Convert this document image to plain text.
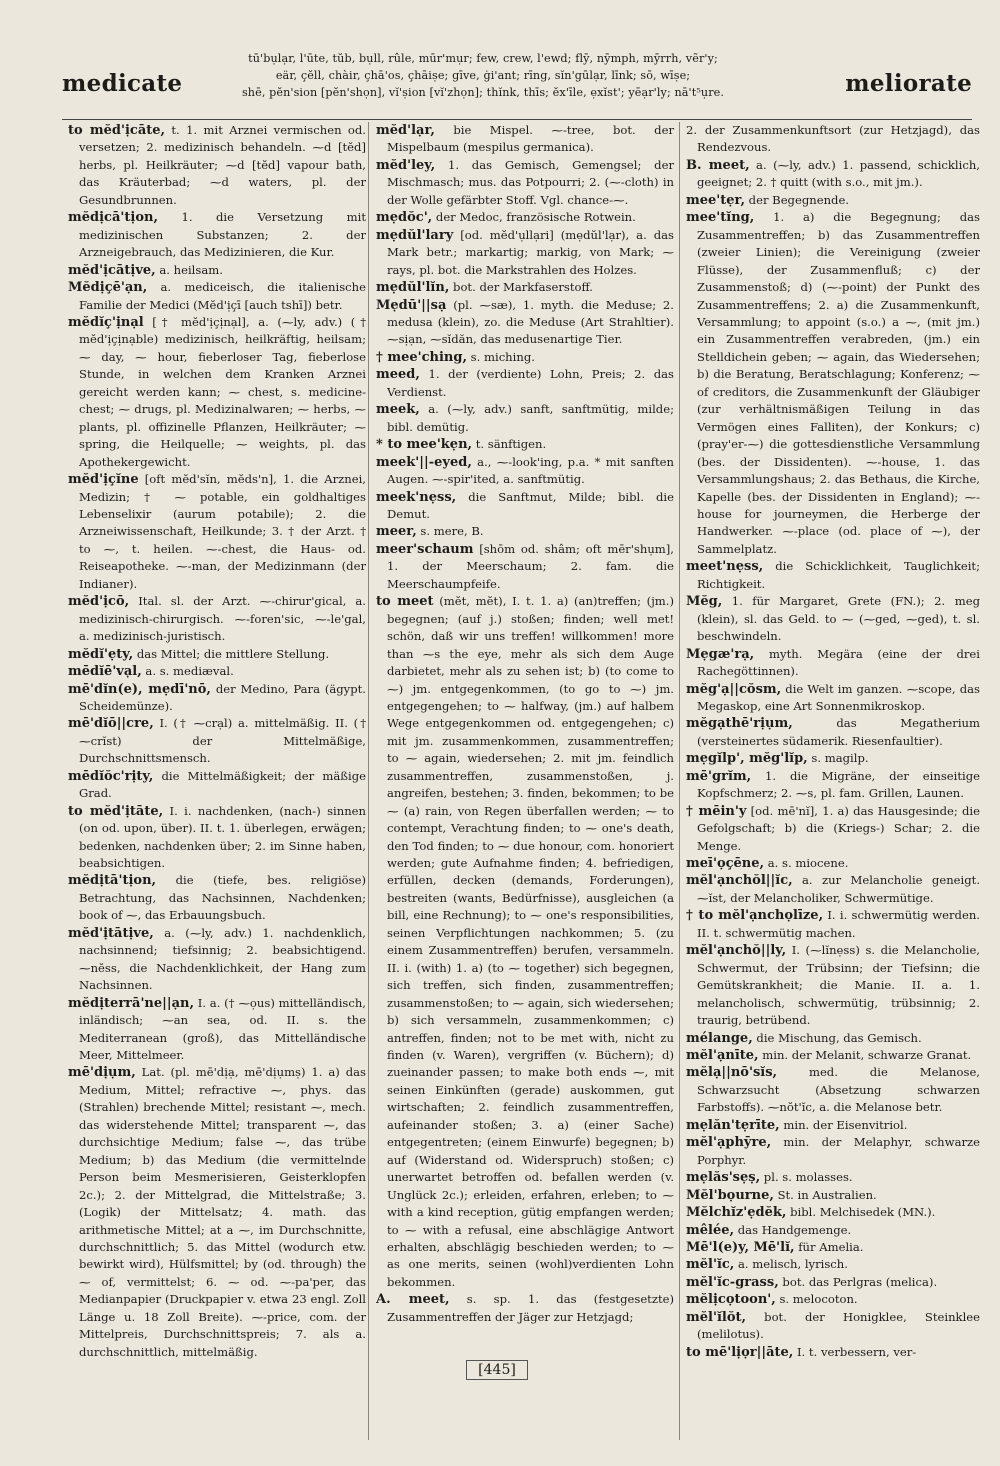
medicate
tū'bụlạr, l'ūte, tŭb, bụll, rûle, mūr'mụr; few, crew, l'ewd; flȳ, nȳmph, mȳrrh, vẽr'y;
eär, çĕll, chàir, çhā'os, çhāiṣe; gīve, ġi'ant; rīng, sĭn'gūlạr, līnk; sō, wīṣe;
shē, pĕn'sion [pĕn'shọn], vĭ'ṣion [vĭ'zhọn]; thĭnk, thīs; ĕx'īle, ẹxĭst'; yēạr'ly; nā't⁵ụre.	meliorate

to mĕd'ịcāte, t. 1. mit Arznei vermischen od. versetzen; 2. medizinisch behandeln. ⁓d [tĕd] herbs, pl. Heilkräuter; ⁓d [tĕd] vapour bath, das Kräuterbad; ⁓d waters, pl. der Gesundbrunnen.

mĕdịcā'tịon, 1. die Versetzung mit medizinischen Substanzen; 2. der Arzneigebrauch, das Medizinieren, die Kur.

mĕd'ịcātịve, a. heilsam.

Mĕdịçē'ạn, a. mediceisch, die italienische Familie der Medici (Mĕd'ịçī [auch tshī]) betr.

mĕdĭç'ịnạl [† mĕd'ịçịnạl], a. (⁓ly, adv.) († mĕd'ịçịnạble) medizinisch, heilkräftig, heilsam; ⁓ day, ⁓ hour, fieberloser Tag, fieberlose Stunde, in welchen dem Kranken Arznei gereicht werden kann; ⁓ chest, s. medicine-chest; ⁓ drugs, pl. Medizinalwaren; ⁓ herbs, ⁓ plants, pl. offizinelle Pflanzen, Heilkräuter; ⁓ spring, die Heilquelle; ⁓ weights, pl. das Apothekergewicht.

mĕd'ịçĭne [oft mĕd'sĭn, mĕds'n], 1. die Arznei, Medizin; † ⁓ potable, ein goldhaltiges Lebenselixir (aurum potabile); 2. die Arzneiwissenschaft, Heilkunde; 3. † der Arzt. † to ⁓, t. heilen. ⁓-chest, die Haus- od. Reiseapotheke. ⁓-man, der Medizinmann (der Indianer).

mĕd'ịcō, Ital. sl. der Arzt. ⁓-chirur'gical, a. medizinisch-chirurgisch. ⁓-foren'sic, ⁓-le'gal, a. medizinisch-juristisch.

mĕdĭ'ẹty, das Mittel; die mittlere Stellung.

mēdĭē'vạl, a. s. mediæval.

mē'dĭn(e), mẹdī'nō, der Medino, Para (ägypt. Scheidemünze).

mē'dĭō||cre, I. († ⁓crạl) a. mittelmäßig. II. († ⁓crĭst) der Mittelmäßige, Durchschnittsmensch.

mēdĭŏc'rịty, die Mittelmäßigkeit; der mäßige Grad.

to mĕd'ịtāte, I. i. nachdenken, (nach-) sinnen (on od. upon, über). II. t. 1. überlegen, erwägen; bedenken, nachdenken über; 2. im Sinne haben, beabsichtigen.

mĕdịtā'tịon, die (tiefe, bes. religiöse) Betrachtung, das Nachsinnen, Nachdenken; book of ⁓, das Erbauungsbuch.

mĕd'ịtātịve, a. (⁓ly, adv.) 1. nachdenklich, nachsinnend; tiefsinnig; 2. beabsichtigend. ⁓nĕss, die Nachdenklichkeit, der Hang zum Nachsinnen.

mĕdịterrā'ne||ạn, I. a. († ⁓ọus) mittelländisch, inländisch; ⁓an sea, od. II. s. the Mediterranean (groß), das Mittelländische Meer, Mittelmeer.

mē'dịụm, Lat. (pl. mē'dịạ, mē'dịụmṣ) 1. a) das Medium, Mittel; refractive ⁓, phys. das (Strahlen) brechende Mittel; resistant ⁓, mech. das widerstehende Mittel; transparent ⁓, das durchsichtige Medium; false ⁓, das trübe Medium; b) das Medium (die vermittelnde Person beim Mesmerisieren, Geisterklopfen 2c.); 2. der Mittelgrad, die Mittelstraße; 3. (Logik) der Mittelsatz; 4. math. das arithmetische Mittel; at a ⁓, im Durchschnitte, durchschnittlich; 5. das Mittel (wodurch etw. bewirkt wird), Hülfsmittel; by (od. through) the ⁓ of, vermittelst; 6. ⁓ od. ⁓-pa'per, das Medianpapier (Druckpapier v. etwa 23 engl. Zoll Länge u. 18 Zoll Breite). ⁓-price, com. der Mittelpreis, Durchschnittspreis; 7. als a. durchschnittlich, mittelmäßig.

mĕd'lạr, bie Mispel. ⁓-tree, bot. der Mispelbaum (mespilus germanica).

mĕd'ley, 1. das Gemisch, Gemengsel; der Mischmasch; mus. das Potpourri; 2. (⁓-cloth) in der Wolle gefärbter Stoff. Vgl. chance-⁓.

mẹdŏc', der Medoc, französische Rotwein.

mẹdŭl'lary [od. mĕd'ụllạri] (mẹdŭl'lạr), a. das Mark betr.; markartig; markig, von Mark; ⁓ rays, pl. bot. die Markstrahlen des Holzes.

mẹdŭl'lĭn, bot. der Markfaserstoff.

Mẹdū'||sạ (pl. ⁓sæ), 1. myth. die Meduse; 2. medusa (klein), zo. die Meduse (Art Strahltier). ⁓sịạn, ⁓sĭdăn, das medusenartige Tier.

† mee'ching, s. miching.

meed, 1. der (verdiente) Lohn, Preis; 2. das Verdienst.

meek, a. (⁓ly, adv.) sanft, sanftmütig, milde; bibl. demütig.

* to mee'kẹn, t. sänftigen.

meek'||-eyed, a., ⁓-look'ing, p.a. * mit sanften Augen. ⁓-spir'ited, a. sanftmütig.

meek'nẹss, die Sanftmut, Milde; bibl. die Demut.

meer, s. mere, B.

meer'schaum [shōm od. shâm; oft mēr'shụm], 1. der Meerschaum; 2. fam. die Meerschaumpfeife.

to meet (mĕt, mĕt), I. t. 1. a) (an)treffen; (jm.) begegnen; (auf j.) stoßen; finden; well met! schön, daß wir uns treffen! willkommen! more than ⁓s the eye, mehr als sich dem Auge darbietet, mehr als zu sehen ist; b) (to come to ⁓) jm. entgegenkommen, (to go to ⁓) jm. entgegengehen; to ⁓ halfway, (jm.) auf halbem Wege entgegenkommen od. entgegengehen; c) mit jm. zusammenkommen, zusammentreffen; to ⁓ again, wiedersehen; 2. mit jm. feindlich zusammentreffen, zusammenstoßen, j. angreifen, bestehen; 3. finden, bekommen; to be ⁓ (a) rain, von Regen überfallen werden; ⁓ to contempt, Verachtung finden; to ⁓ one's death, den Tod finden; to ⁓ due honour, com. honoriert werden; gute Aufnahme finden; 4. befriedigen, erfüllen, decken (demands, Forderungen), bestreiten (wants, Bedürfnisse), ausgleichen (a bill, eine Rechnung); to ⁓ one's responsibilities, seinen Verpflichtungen nachkommen; 5. (zu einem Zusammentreffen) berufen, versammeln. II. i. (with) 1. a) (to ⁓ together) sich begegnen, sich treffen, sich finden, zusammentreffen; zusammenstoßen; to ⁓ again, sich wiedersehen; b) sich versammeln, zusammenkommen; c) antreffen, finden; not to be met with, nicht zu finden (v. Waren), vergriffen (v. Büchern); d) zueinander passen; to make both ends ⁓, mit seinen Einkünften (gerade) auskommen, gut wirtschaften; 2. feindlich zusammentreffen, aufeinander stoßen; 3. a) (einer Sache) entgegentreten; (einem Einwurfe) begegnen; b) auf (Widerstand od. Widerspruch) stoßen; c) unerwartet betroffen od. befallen werden (v. Unglück 2c.); erleiden, erfahren, erleben; to ⁓ with a kind reception, gütig empfangen werden; to ⁓ with a refusal, eine abschlägige Antwort erhalten, abschlägig beschieden werden; to ⁓ as one merits, seinen (wohl)verdienten Lohn bekommen.

A. meet, s. sp. 1. das (festgesetzte) Zusammentreffen der Jäger zur Hetzjagd;

2. der Zusammenkunftsort (zur Hetzjagd), das Rendezvous.

B. meet, a. (⁓ly, adv.) 1. passend, schicklich, geeignet; 2. † quitt (with s.o., mit jm.).

mee'tẹr, der Begegnende.

mee'tĭng, 1. a) die Begegnung; das Zusammentreffen; b) das Zusammentreffen (zweier Linien); die Vereinigung (zweier Flüsse), der Zusammenfluß; c) der Zusammenstoß; d) (⁓-point) der Punkt des Zusammentreffens; 2. a) die Zusammenkunft, Versammlung; to appoint (s.o.) a ⁓, (mit jm.) ein Zusammentreffen verabreden, (jm.) ein Stelldichein geben; ⁓ again, das Wiedersehen; b) die Beratung, Beratschlagung; Konferenz; ⁓ of creditors, die Zusammenkunft der Gläubiger (zur verhältnismäßigen Teilung in das Vermögen eines Falliten), der Konkurs; c) (pray'er-⁓) die gottesdienstliche Versammlung (bes. der Dissidenten). ⁓-house, 1. das Versammlungshaus; 2. das Bethaus, die Kirche, Kapelle (bes. der Dissidenten in England); ⁓-house for journeymen, die Herberge der Handwerker. ⁓-place (od. place of ⁓), der Sammelplatz.

meet'nẹss, die Schicklichkeit, Tauglichkeit; Richtigkeit.

Mĕg, 1. für Margaret, Grete (FN.); 2. meg (klein), sl. das Geld. to ⁓ (⁓ged, ⁓ged), t. sl. beschwindeln.

Mẹgæ'rạ, myth. Megära (eine der drei Rachegöttinnen).

mĕg'ạ||cŏsm, die Welt im ganzen. ⁓scope, das Megaskop, eine Art Sonnenmikroskop.

mĕgạthē'rịụm, das Megatherium (versteinertes südamerik. Riesenfaultier).

mẹgĭlp', mĕg'lĭp, s. magilp.

mē'grĭm, 1. die Migräne, der einseitige Kopfschmerz; 2. ⁓s, pl. fam. Grillen, Launen.

† mēin'y [od. mē'nĭ], 1. a) das Hausgesinde; die Gefolgschaft; b) die (Kriegs-) Schar; 2. die Menge.

meī'ọçēne, a. s. miocene.

mĕl'ạnchŏl||ĭc, a. zur Melancholie geneigt. ⁓ĭst, der Melancholiker, Schwermütige.

† to mĕl'ạnchọlīze, I. i. schwermütig werden. II. t. schwermütig machen.

mĕl'ạnchŏ||ly, I. (⁓lĭnẹss) s. die Melancholie, Schwermut, der Trübsinn; der Tiefsinn; die Gemütskrankheit; die Manie. II. a. 1. melancholisch, schwermütig, trübsinnig; 2. traurig, betrübend.

mélange, die Mischung, das Gemisch.

mĕl'ạnīte, min. der Melanit, schwarze Granat.

mĕlạ||nō'sĭs, med. die Melanose, Schwarzsucht (Absetzung schwarzen Farbstoffs). ⁓nŏt'ĭc, a. die Melanose betr.

mẹlăn'tẹrīte, min. der Eisenvitriol.

mĕl'ạphȳre, min. der Melaphyr, schwarze Porphyr.

mẹlăs'sẹṣ, pl. s. molasses.

Mĕl'bọurne, St. in Australien.

Mĕlchĭz'ẹdĕk, bibl. Melchisedek (MN.).

mêlée, das Handgemenge.

Mē'l(e)y, Mē'lĭ, für Amelia.

mĕl'ĭc, a. melisch, lyrisch.

mĕl'ĭc-grass, bot. das Perlgras (melica).

mĕlịcọtoon', s. melocoton.

mĕl'ĭlŏt, bot. der Honigklee, Steinklee (melilotus).

to mē'lịọr||āte, I. t. verbessern, ver-

[445]
